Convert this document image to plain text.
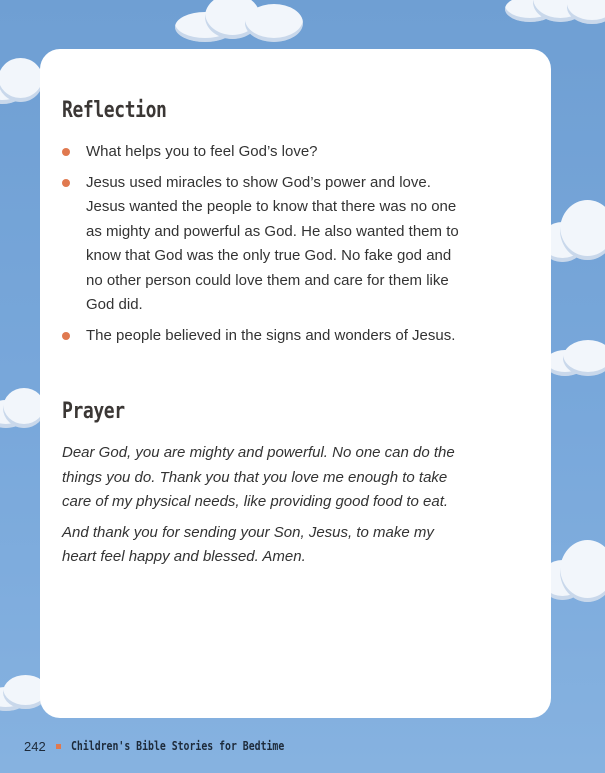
Reflection
What helps you to feel God’s love?
Jesus used miracles to show God’s power and love. Jesus wanted the people to know that there was no one as mighty and powerful as God. He also wanted them to know that God was the only true God. No fake god and no other person could love them and care for them like God did.
The people believed in the signs and wonders of Jesus.
Prayer

Dear God, you are mighty and powerful. No one can do the things you do. Thank you that you love me enough to take care of my physical needs, like providing good food to eat.

And thank you for sending your Son, Jesus, to make my heart feel happy and blessed. Amen.

242 Children's Bible Stories for Bedtime
